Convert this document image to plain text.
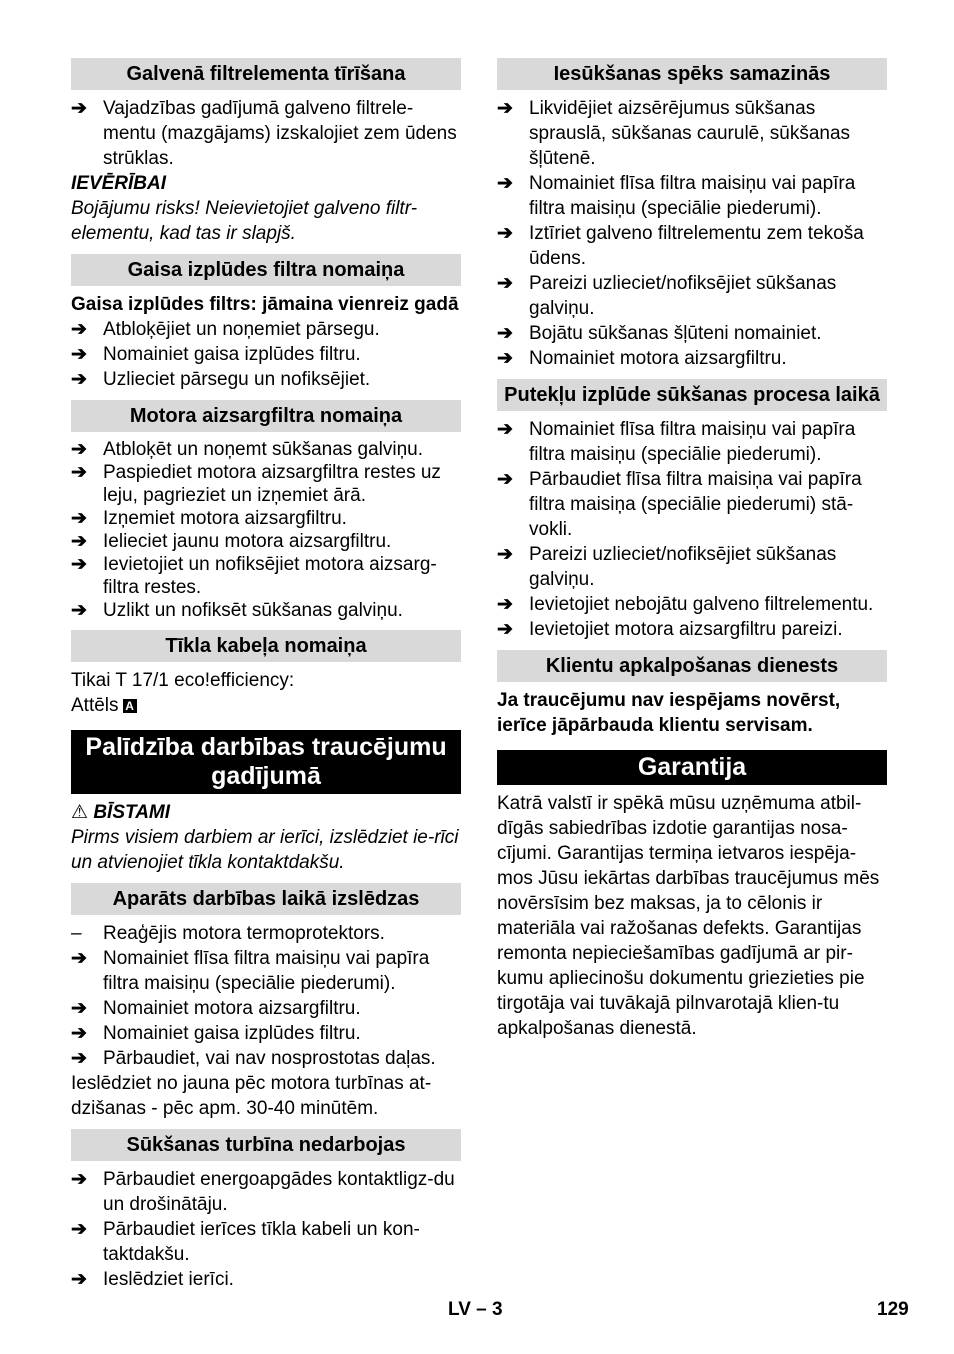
Galvenā filtrelementa tīrīšana
➔ Vajadzības gadījumā galveno filtrele-mentu (mazgājams) izskalojiet zem ūdens strūklas.

IEVĒRĪBAI

Bojājumu risks! Neievietojiet galveno filtr-elementu, kad tas ir slapjš.

Gaisa izplūdes filtra nomaiņa

Gaisa izplūdes filtrs: jāmaina vienreiz gadā

➔ Atbloķējiet un noņemiet pārsegu.
➔ Nomainiet gaisa izplūdes filtru.
➔ Uzlieciet pārsegu un nofiksējiet.
Motora aizsargfiltra nomaiņa
➔ Atbloķēt un noņemt sūkšanas galviņu.
➔ Paspiediet motora aizsargfiltra restes uz leju, pagrieziet un izņemiet ārā.
➔ Izņemiet motora aizsargfiltru.
➔ Ielieciet jaunu motora aizsargfiltru.
➔ Ievietojiet un nofiksējiet motora aizsarg-filtra restes.
➔ Uzlikt un nofiksēt sūkšanas galviņu.
Tīkla kabeļa nomaiņa

Tikai T 17/1 eco!efficiency:

Attēls A

Palīdzība darbības traucējumu gadījumā

⚠ BĪSTAMI

Pirms visiem darbiem ar ierīci, izslēdziet ie-rīci un atvienojiet tīkla kontaktdakšu.

Aparāts darbības laikā izslēdzas
–	Reaģējis motora termoprotektors.
➔ Nomainiet flīsa filtra maisiņu vai papīra filtra maisiņu (speciālie piederumi).
➔ Nomainiet motora aizsargfiltru.
➔ Nomainiet gaisa izplūdes filtru.
➔ Pārbaudiet, vai nav nosprostotas daļas.

Ieslēdziet no jauna pēc motora turbīnas at-dzišanas - pēc apm. 30-40 minūtēm.

Sūkšanas turbīna nedarbojas
➔ Pārbaudiet energoapgādes kontaktligz-du un drošinātāju.
➔ Pārbaudiet ierīces tīkla kabeli un kon-taktdakšu.
➔ Ieslēdziet ierīci.
Iesūkšanas spēks samazinās
➔ Likvidējiet aizsērējumus sūkšanas sprauslā, sūkšanas caurulē, sūkšanas šļūtenē.
➔ Nomainiet flīsa filtra maisiņu vai papīra filtra maisiņu (speciālie piederumi).
➔ Iztīriet galveno filtrelementu zem tekoša ūdens.
➔ Pareizi uzlieciet/nofiksējiet sūkšanas galviņu.
➔ Bojātu sūkšanas šļūteni nomainiet.
➔ Nomainiet motora aizsargfiltru.
Putekļu izplūde sūkšanas procesa laikā
➔ Nomainiet flīsa filtra maisiņu vai papīra filtra maisiņu (speciālie piederumi).
➔ Pārbaudiet flīsa filtra maisiņa vai papīra filtra maisiņa (speciālie piederumi) stā-vokli.
➔ Pareizi uzlieciet/nofiksējiet sūkšanas galviņu.
➔ Ievietojiet nebojātu galveno filtrelementu.
➔ Ievietojiet motora aizsargfiltru pareizi.
Klientu apkalpošanas dienests

Ja traucējumu nav iespējams novērst, ierīce jāpārbauda klientu servisam.

Garantija

Katrā valstī ir spēkā mūsu uzņēmuma atbil-dīgās sabiedrības izdotie garantijas nosa-cījumi. Garantijas termiņa ietvaros iespēja-mos Jūsu iekārtas darbības traucējumus mēs novērsīsim bez maksas, ja to cēlonis ir materiāla vai ražošanas defekts. Garantijas remonta nepieciešamības gadījumā ar pir-kumu apliecinošu dokumentu griezieties pie tirgotāja vai tuvākajā pilnvarotajā klien-tu apkalpošanas dienestā.

LV – 3	129
